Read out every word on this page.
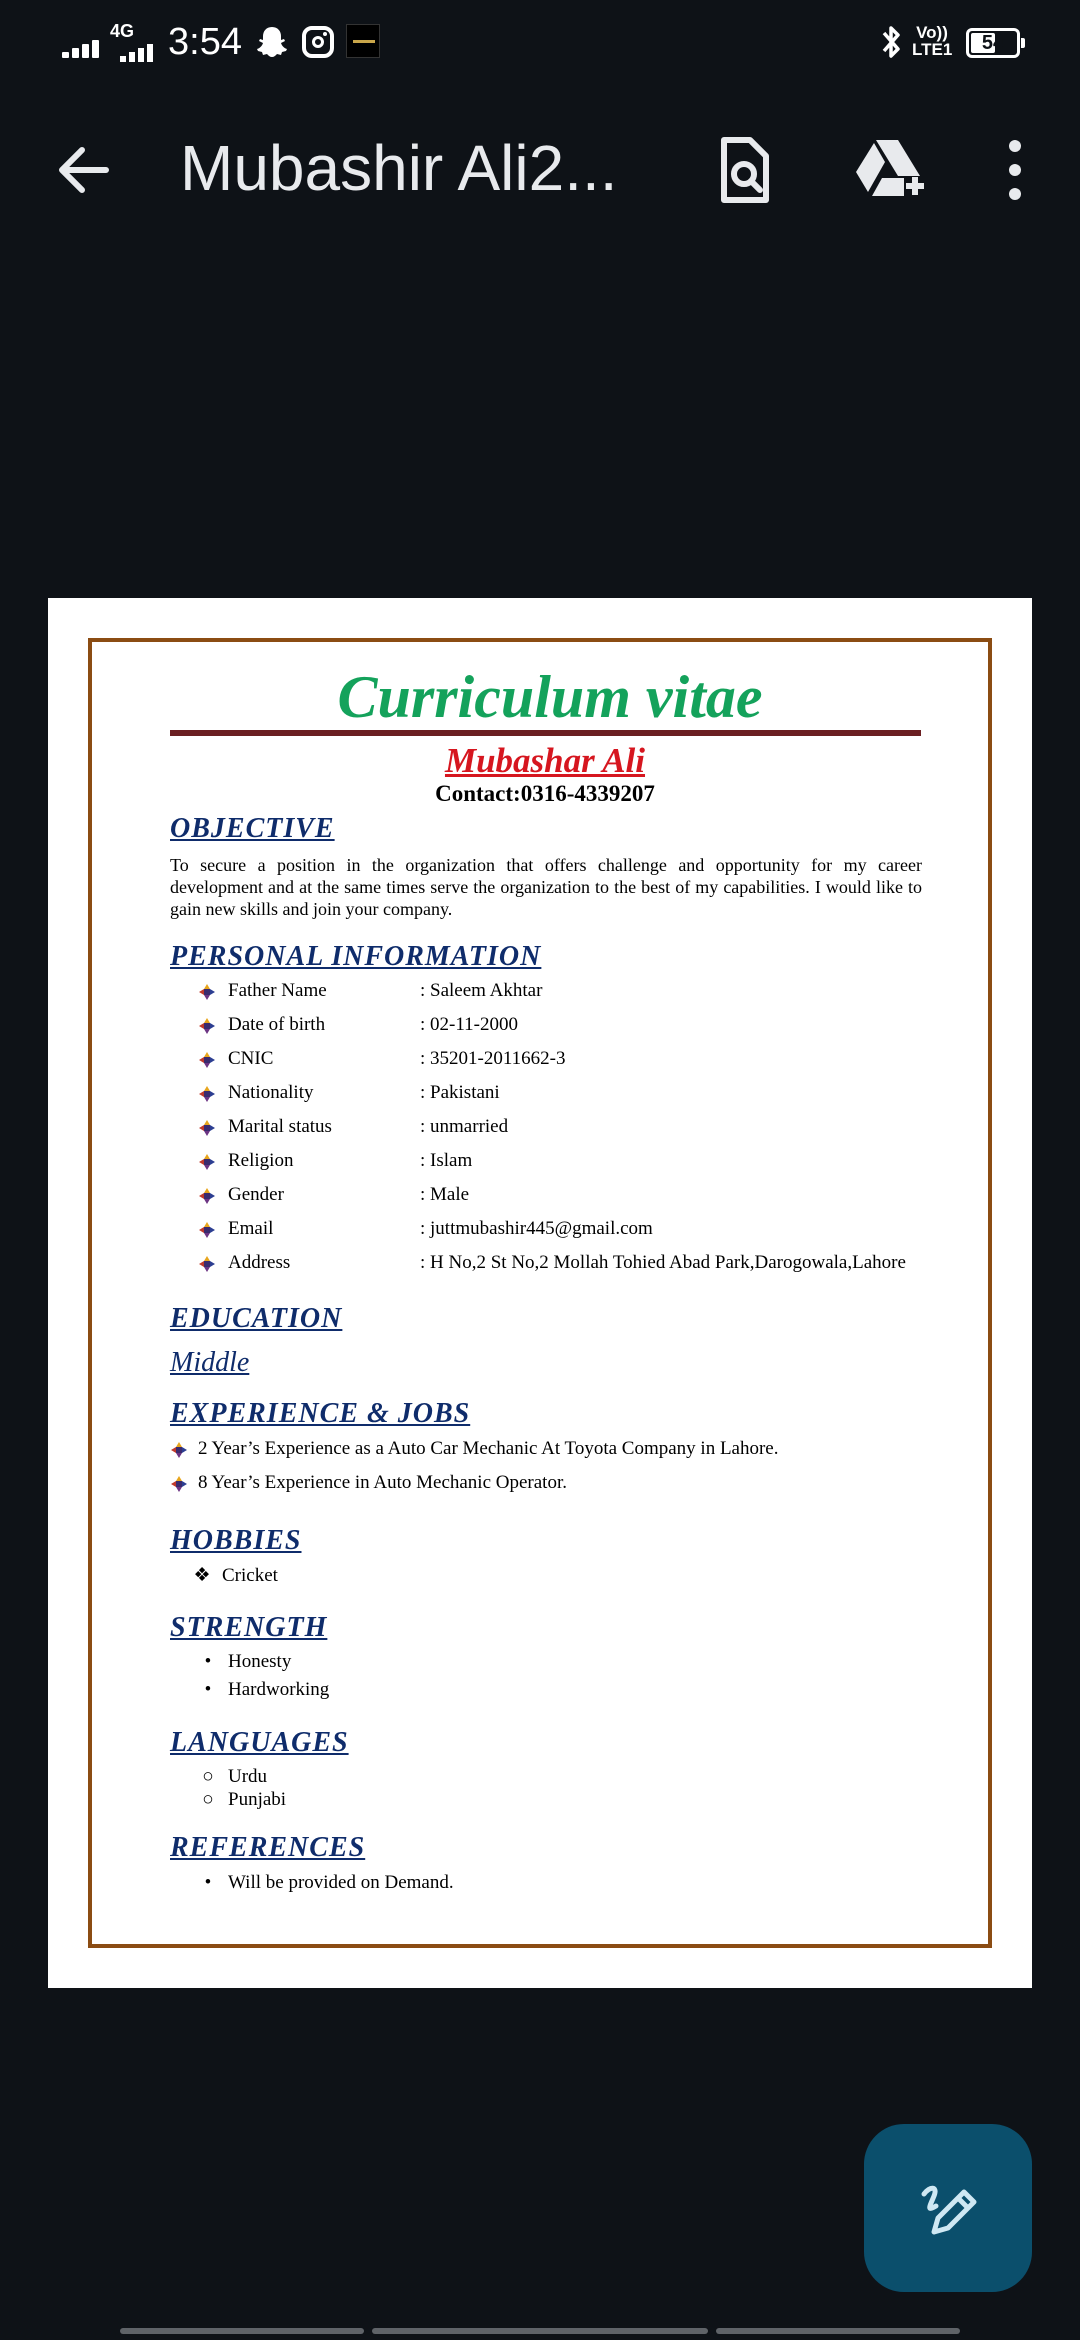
4G 3:54	Vo))
LTE1	54
Mubashir Ali2...
Curriculum vitae
Mubashar Ali
Contact:0316-4339207
OBJECTIVE
To secure a position in the organization that offers challenge and opportunity for my career development and at the same times serve the organization to the best of my capabilities. I would like to gain new skills and join your company.
PERSONAL INFORMATION
Father Name	: Saleem Akhtar
Date of birth	: 02-11-2000
CNIC	: 35201-2011662-3
Nationality	: Pakistani
Marital status	: unmarried
Religion	: Islam
Gender	: Male
Email	: juttmubashir445@gmail.com
Address	: H No,2 St No,2 Mollah Tohied Abad Park,Darogowala,Lahore
EDUCATION
Middle
EXPERIENCE & JOBS
2 Year’s Experience as a Auto Car Mechanic At Toyota Company in Lahore.
8 Year’s Experience in Auto Mechanic Operator.
HOBBIES
❖ Cricket
STRENGTH
• Honesty
• Hardworking
LANGUAGES
○ Urdu
○ Punjabi
REFERENCES
• Will be provided on Demand.
